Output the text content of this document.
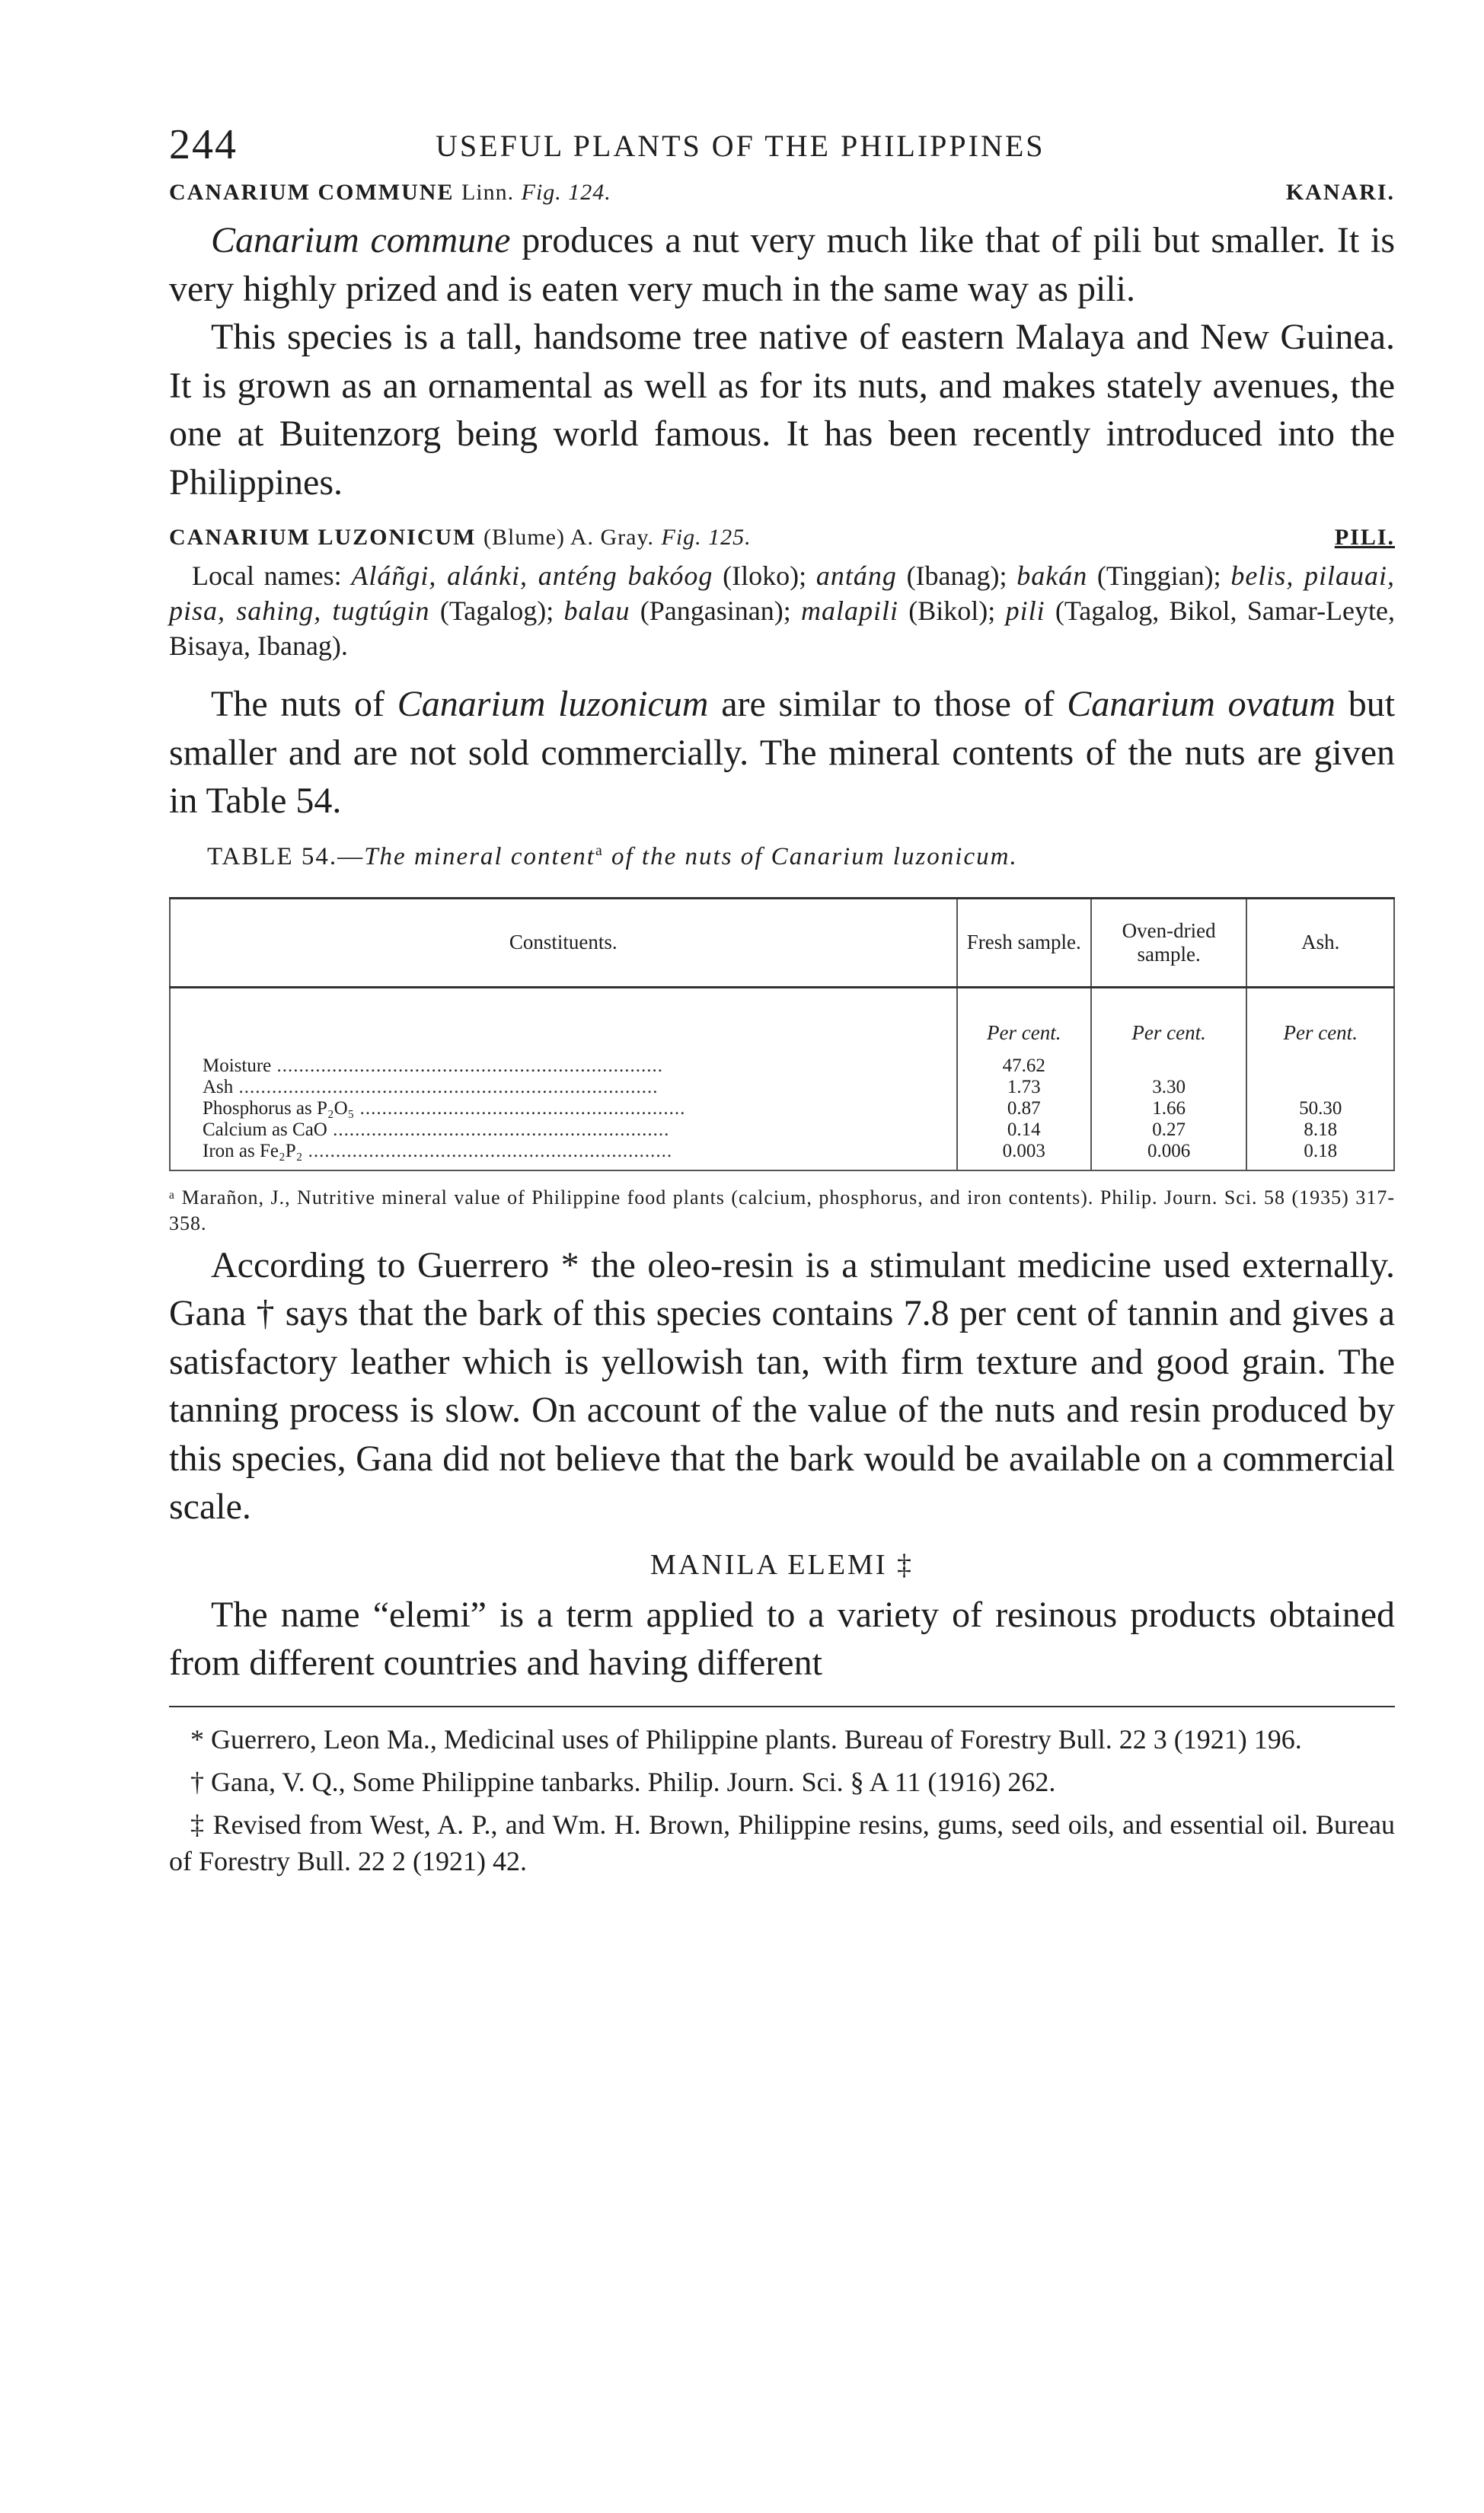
244	USEFUL PLANTS OF THE PHILIPPINES
CANARIUM COMMUNE Linn. Fig. 124.	KANARI.

Canarium commune produces a nut very much like that of pili but smaller. It is very highly prized and is eaten very much in the same way as pili.

This species is a tall, handsome tree native of eastern Malaya and New Guinea. It is grown as an ornamental as well as for its nuts, and makes stately avenues, the one at Buitenzorg being world famous. It has been recently introduced into the Philippines.

CANARIUM LUZONICUM (Blume) A. Gray. Fig. 125.	PILI.

Local names: Aláñgi, alánki, anténg bakóog (Iloko); antáng (Ibanag); bakán (Tinggian); belis, pilauai, pisa, sahing, tugtúgin (Tagalog); balau (Pangasinan); malapili (Bikol); pili (Tagalog, Bikol, Samar-Leyte, Bisaya, Ibanag).

The nuts of Canarium luzonicum are similar to those of Canarium ovatum but smaller and are not sold commercially. The mineral contents of the nuts are given in Table 54.

TABLE 54.—The mineral content$^a$ of the nuts of Canarium luzonicum.
Constituents.	Fresh sample.	Oven-dried sample.	Ash.
	Per cent.	Per cent.	Per cent.
Moisture ......................................................................	47.62		
Ash ............................................................................	1.73	3.30	
Phosphorus as P₂O₅ ...........................................................	0.87	1.66	50.30
Calcium as CaO .............................................................	0.14	0.27	8.18
Iron as Fe₂P₂ ..................................................................	0.003	0.006	0.18
ᵃ Marañon, J., Nutritive mineral value of Philippine food plants (calcium, phosphorus, and iron contents). Philip. Journ. Sci. 58 (1935) 317-358.

According to Guerrero * the oleo-resin is a stimulant medicine used externally. Gana † says that the bark of this species contains 7.8 per cent of tannin and gives a satisfactory leather which is yellowish tan, with firm texture and good grain. The tanning process is slow. On account of the value of the nuts and resin produced by this species, Gana did not believe that the bark would be available on a commercial scale.

MANILA ELEMI ‡

The name “elemi” is a term applied to a variety of resinous products obtained from different countries and having different

* Guerrero, Leon Ma., Medicinal uses of Philippine plants. Bureau of Forestry Bull. 22 3 (1921) 196.

† Gana, V. Q., Some Philippine tanbarks. Philip. Journ. Sci. § A 11 (1916) 262.

‡ Revised from West, A. P., and Wm. H. Brown, Philippine resins, gums, seed oils, and essential oil. Bureau of Forestry Bull. 22 2 (1921) 42.
